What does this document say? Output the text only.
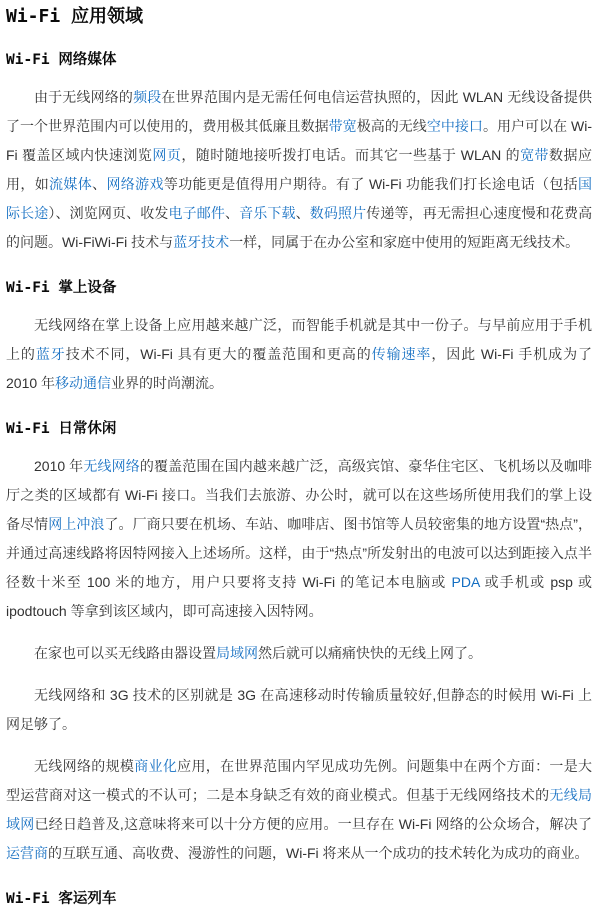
Wi-Fi 应用领域
Wi-Fi 网络媒体

由于无线网络的频段在世界范围内是无需任何电信运营执照的，因此 WLAN 无线设备提供了一个世界范围内可以使用的，费用极其低廉且数据带宽极高的无线空中接口。用户可以在 Wi-Fi 覆盖区域内快速浏览网页，随时随地接听拨打电话。而其它一些基于 WLAN 的宽带数据应用，如流媒体、网络游戏等功能更是值得用户期待。有了 Wi-Fi 功能我们打长途电话（包括国际长途）、浏览网页、收发电子邮件、音乐下载、数码照片传递等，再无需担心速度慢和花费高的问题。Wi-FiWi-Fi 技术与蓝牙技术一样，同属于在办公室和家庭中使用的短距离无线技术。

Wi-Fi 掌上设备

无线网络在掌上设备上应用越来越广泛，而智能手机就是其中一份子。与早前应用于手机上的蓝牙技术不同，Wi-Fi 具有更大的覆盖范围和更高的传输速率，因此 Wi-Fi 手机成为了 2010 年移动通信业界的时尚潮流。

Wi-Fi 日常休闲

2010 年无线网络的覆盖范围在国内越来越广泛，高级宾馆、豪华住宅区、飞机场以及咖啡厅之类的区域都有 Wi-Fi 接口。当我们去旅游、办公时，就可以在这些场所使用我们的掌上设备尽情网上冲浪了。厂商只要在机场、车站、咖啡店、图书馆等人员较密集的地方设置“热点”，并通过高速线路将因特网接入上述场所。这样，由于“热点”所发射出的电波可以达到距接入点半径数十米至 100 米的地方，用户只要将支持 Wi-Fi 的笔记本电脑或 PDA 或手机或 psp 或 ipodtouch 等拿到该区域内，即可高速接入因特网。

在家也可以买无线路由器设置局域网然后就可以痛痛快快的无线上网了。

无线网络和 3G 技术的区别就是 3G 在高速移动时传输质量较好,但静态的时候用 Wi-Fi 上网足够了。

无线网络的规模商业化应用，在世界范围内罕见成功先例。问题集中在两个方面：一是大型运营商对这一模式的不认可；二是本身缺乏有效的商业模式。但基于无线网络技术的无线局域网已经日趋普及,这意味将来可以十分方便的应用。一旦存在 Wi-Fi 网络的公众场合，解决了运营商的互联互通、高收费、漫游性的问题，Wi-Fi 将来从一个成功的技术转化为成功的商业。

Wi-Fi 客运列车
